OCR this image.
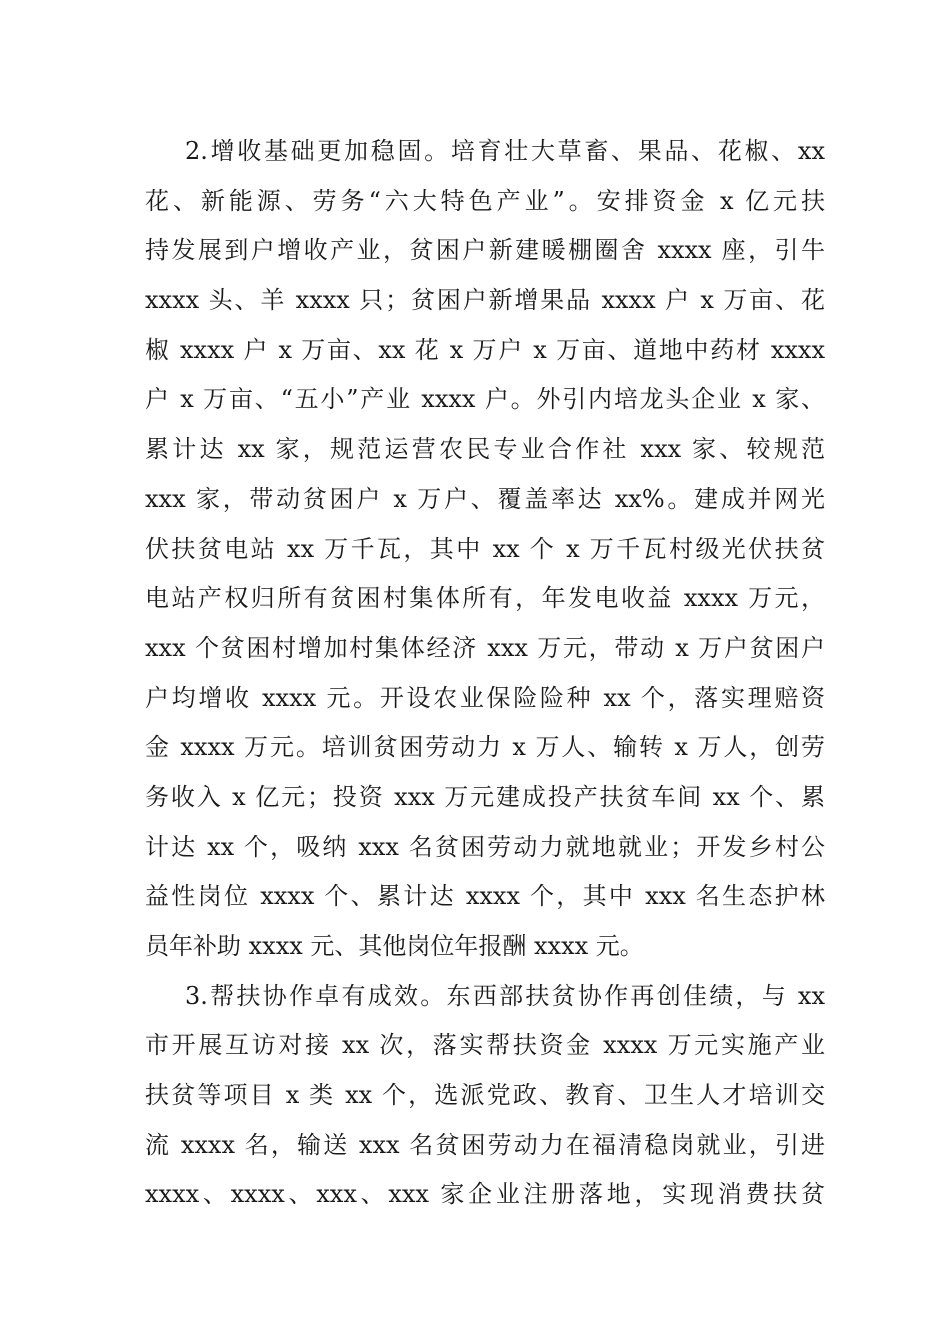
2.增收基础更加稳固。培育壮大草畜、果品、花椒、xx
花、新能源、劳务“六大特色产业”。安排资金 x 亿元扶
持发展到户增收产业，贫困户新建暖棚圈舍 xxxx 座，引牛
xxxx 头、羊 xxxx 只；贫困户新增果品 xxxx 户 x 万亩、花
椒 xxxx 户 x 万亩、xx 花 x 万户 x 万亩、道地中药材 xxxx
户 x 万亩、“五小”产业 xxxx 户。外引内培龙头企业 x 家、
累计达 xx 家，规范运营农民专业合作社 xxx 家、较规范
xxx 家，带动贫困户 x 万户、覆盖率达 xx%。建成并网光
伏扶贫电站 xx 万千瓦，其中 xx 个 x 万千瓦村级光伏扶贫
电站产权归所有贫困村集体所有，年发电收益 xxxx 万元，
xxx 个贫困村增加村集体经济 xxx 万元，带动 x 万户贫困户
户均增收 xxxx 元。开设农业保险险种 xx 个，落实理赔资
金 xxxx 万元。培训贫困劳动力 x 万人、输转 x 万人，创劳
务收入 x 亿元；投资 xxx 万元建成投产扶贫车间 xx 个、累
计达 xx 个，吸纳 xxx 名贫困劳动力就地就业；开发乡村公
益性岗位 xxxx 个、累计达 xxxx 个，其中 xxx 名生态护林
员年补助 xxxx 元、其他岗位年报酬 xxxx 元。
3.帮扶协作卓有成效。东西部扶贫协作再创佳绩，与 xx
市开展互访对接 xx 次，落实帮扶资金 xxxx 万元实施产业
扶贫等项目 x 类 xx 个，选派党政、教育、卫生人才培训交
流 xxxx 名，输送 xxx 名贫困劳动力在福清稳岗就业，引进
xxxx、xxxx、xxx、xxx 家企业注册落地，实现消费扶贫
